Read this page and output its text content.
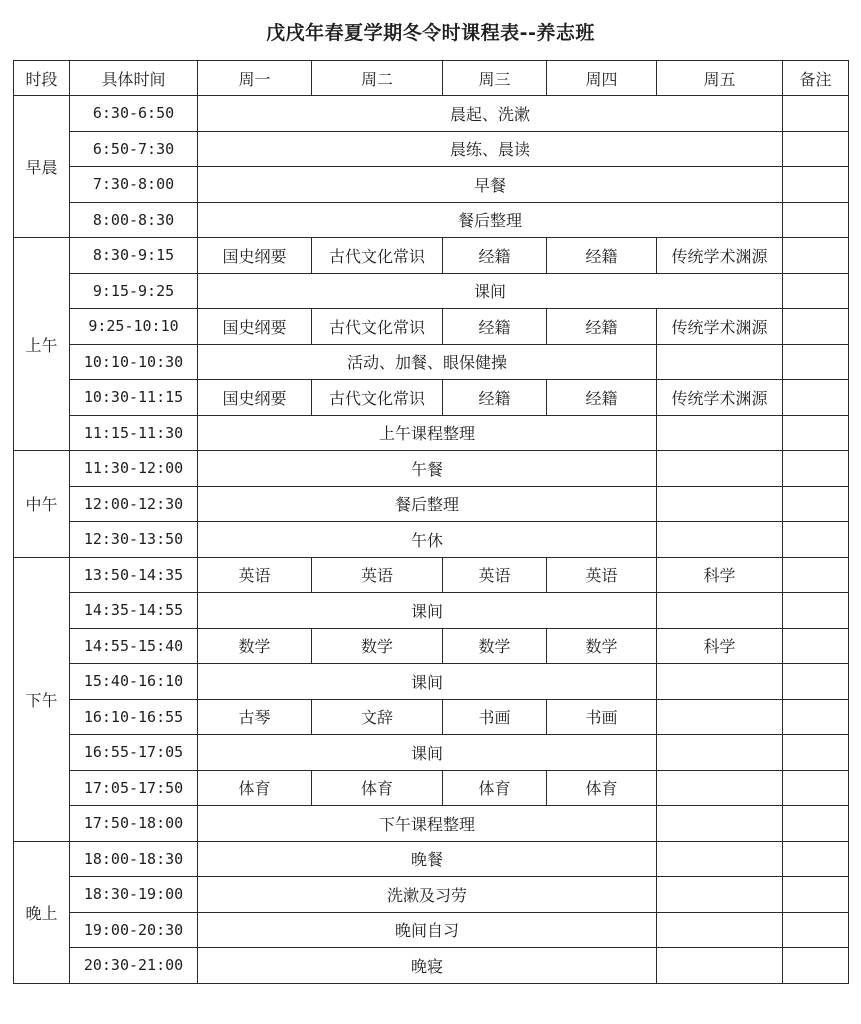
戊戌年春夏学期冬令时课程表--养志班
时段	具体时间	周一	周二	周三	周四	周五	备注
早晨	6:30-6:50	晨起、洗漱					
	6:50-7:30	晨练、晨读					
	7:30-8:00	早餐					
	8:00-8:30	餐后整理					
上午	8:30-9:15	国史纲要	古代文化常识	经籍	经籍	传统学术渊源	
	9:15-9:25	课间					
	9:25-10:10	国史纲要	古代文化常识	经籍	经籍	传统学术渊源	
	10:10-10:30	活动、加餐、眼保健操					
	10:30-11:15	国史纲要	古代文化常识	经籍	经籍	传统学术渊源	
	11:15-11:30	上午课程整理					
中午	11:30-12:00	午餐					
	12:00-12:30	餐后整理					
	12:30-13:50	午休					
下午	13:50-14:35	英语	英语	英语	英语	科学	
	14:35-14:55	课间					
	14:55-15:40	数学	数学	数学	数学	科学	
	15:40-16:10	课间					
	16:10-16:55	古琴	文辞	书画	书画		
	16:55-17:05	课间					
	17:05-17:50	体育	体育	体育	体育		
	17:50-18:00	下午课程整理					
晚上	18:00-18:30	晚餐					
	18:30-19:00	洗漱及习劳					
	19:00-20:30	晚间自习					
	20:30-21:00	晚寝					
